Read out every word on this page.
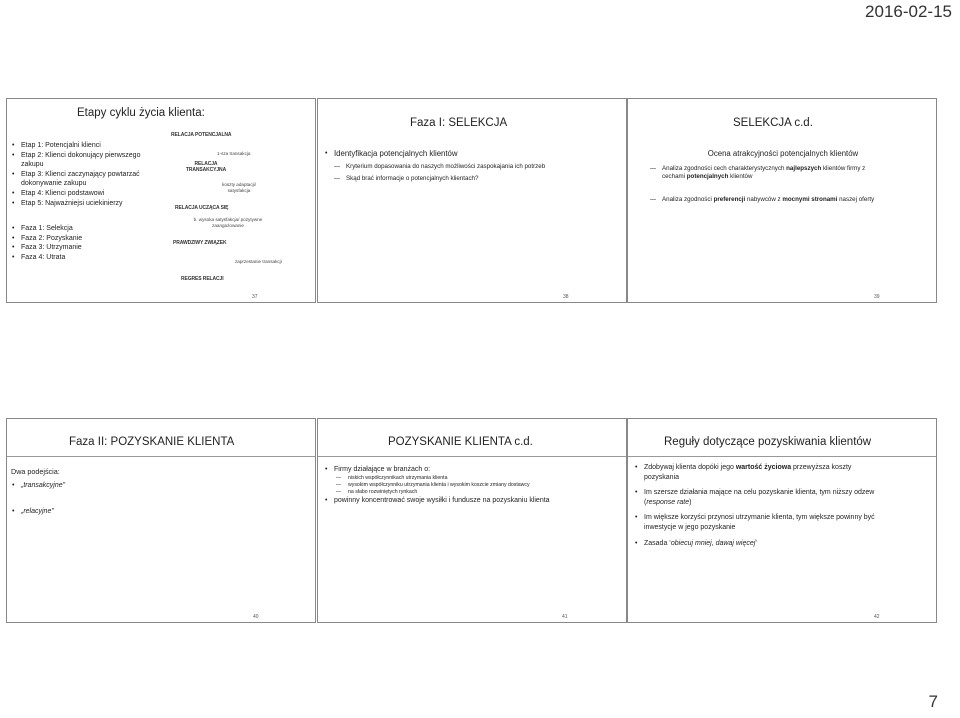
2016-02-15
Etapy cyklu życia klienta:
• Etap 1: Potencjalni klienci
• Etap 2: Klienci dokonujący pierwszego zakupu
• Etap 3: Klienci zaczynający powtarzać dokonywanie zakupu
• Etap 4: Klienci podstawowi
• Etap 5: Najważniejsi uciekinierzy
• Faza 1: Selekcja
• Faza 2: Pozyskanie
• Faza 3: Utrzymanie
• Faza 4: Utrata
RELACJA POTENCJALNA
1-sza transakcja
RELACJA TRANSAKCYJNA
koszty adaptacji/ satysfakcja
RELACJA UCZĄCA SIĘ
b. wysoka satysfakcja/ pozytywne zaangażowanie
PRAWDZIWY ZWIĄZEK
zaprzestanie transakcji
REGRES RELACJI
37
Faza I: SELEKCJA
• Identyfikacja potencjalnych klientów
— Kryterium dopasowania do naszych możliwości zaspokajania ich potrzeb
— Skąd brać informacje o potencjalnych klientach?
38
SELEKCJA c.d.
Ocena atrakcyjności potencjalnych klientów
— Analiza zgodności cech charakterystycznych najlepszych klientów firmy z cechami potencjalnych klientów
— Analiza zgodności preferencji nabywców z mocnymi stronami naszej oferty
39
Faza II: POZYSKANIE KLIENTA
Dwa podejścia:
• „transakcyjne”
• „relacyjne”
40
POZYSKANIE KLIENTA c.d.
• Firmy działające w branżach o:
— niskich współczynnikach utrzymania klienta
— wysokim współczynniku utrzymania klienta i wysokim koszcie zmiany dostawcy
— na słabo rozwiniętych rynkach
• powinny koncentrować swoje wysiłki i fundusze na pozyskaniu klienta
41
Reguły dotyczące pozyskiwania klientów
• Zdobywaj klienta dopóki jego wartość życiowa przewyższa koszty pozyskania
• Im szersze działania mające na celu pozyskanie klienta, tym niższy odzew (response rate)
• Im większe korzyści przynosi utrzymanie klienta, tym większe powinny być inwestycje w jego pozyskanie
• Zasada ‘obiecuj mniej, dawaj więcej’
42
7
